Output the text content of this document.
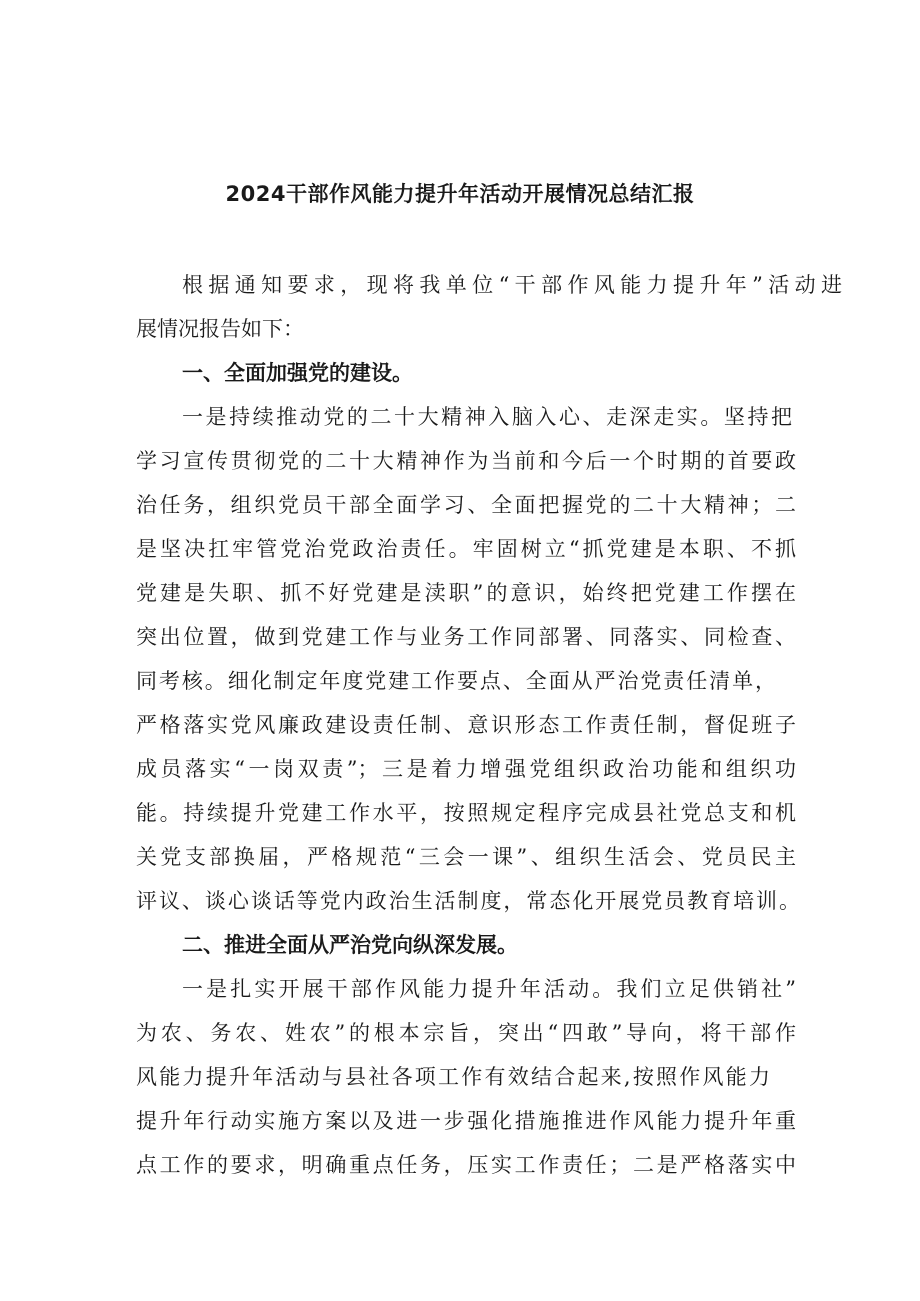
2024干部作风能力提升年活动开展情况总结汇报

根据通知要求，现将我单位“干部作风能力提升年”活动进

展情况报告如下：

一、全面加强党的建设。

一是持续推动党的二十大精神入脑入心、走深走实。坚持把

学习宣传贯彻党的二十大精神作为当前和今后一个时期的首要政

治任务，组织党员干部全面学习、全面把握党的二十大精神；二

是坚决扛牢管党治党政治责任。牢固树立“抓党建是本职、不抓

党建是失职、抓不好党建是渎职”的意识，始终把党建工作摆在

突出位置，做到党建工作与业务工作同部署、同落实、同检查、

同考核。细化制定年度党建工作要点、全面从严治党责任清单，

严格落实党风廉政建设责任制、意识形态工作责任制，督促班子

成员落实“一岗双责”；三是着力增强党组织政治功能和组织功

能。持续提升党建工作水平，按照规定程序完成县社党总支和机

关党支部换届，严格规范“三会一课”、组织生活会、党员民主

评议、谈心谈话等党内政治生活制度，常态化开展党员教育培训。

二、推进全面从严治党向纵深发展。

一是扎实开展干部作风能力提升年活动。我们立足供销社”

为农、务农、姓农”的根本宗旨，突出“四敢”导向，将干部作

风能力提升年活动与县社各项工作有效结合起来,按照作风能力

提升年行动实施方案以及进一步强化措施推进作风能力提升年重

点工作的要求，明确重点任务，压实工作责任；二是严格落实中
